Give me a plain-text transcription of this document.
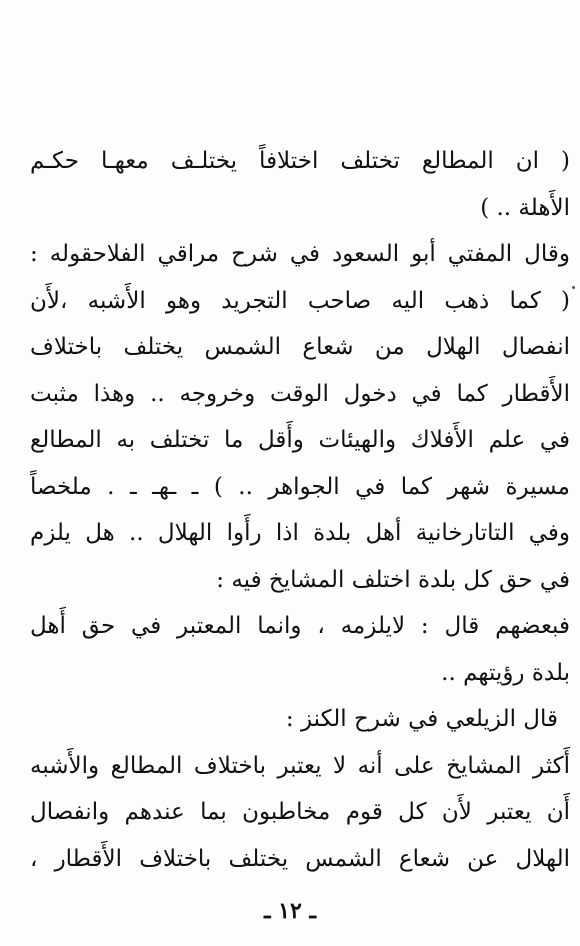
( ان المطالع تختلف اختلافاً يختلـف معهـا حكـم
الأَهلة .. )
وقال المفتي أبو السعود في شرح مراقي الفلاحقوله :
( كما ذهب اليه صاحب التجريد وهو الأَشبه ،لأَن
انفصال الهلال من شعاع الشمس يختلف باختلاف
الأَقطار كما في دخول الوقت وخروجه .. وهذا مثبت
في علم الأَفلاك والهيئات وأَقل ما تختلف به المطالع
مسيرة شهر كما في الجواهر .. ) ـ ـهـ ـ . ملخصاً
وفي التاتارخانية أهل بلدة اذا رأَوا الهلال .. هل يلزم
في حق كل بلدة اختلف المشايخ فيه :
فبعضهم قال : لايلزمه ، وانما المعتبر في حق أَهل
بلدة رؤيتهم ..
قال الزيلعي في شرح الكنز :
أَكثر المشايخ على أنه لا يعتبر باختلاف المطالع والأَشبه
أَن يعتبر لأَن كل قوم مخاطبون بما عندهم وانفصال
الهلال عن شعاع الشمس يختلف باختلاف الأَقطار ،
ـ ١٢ ـ
